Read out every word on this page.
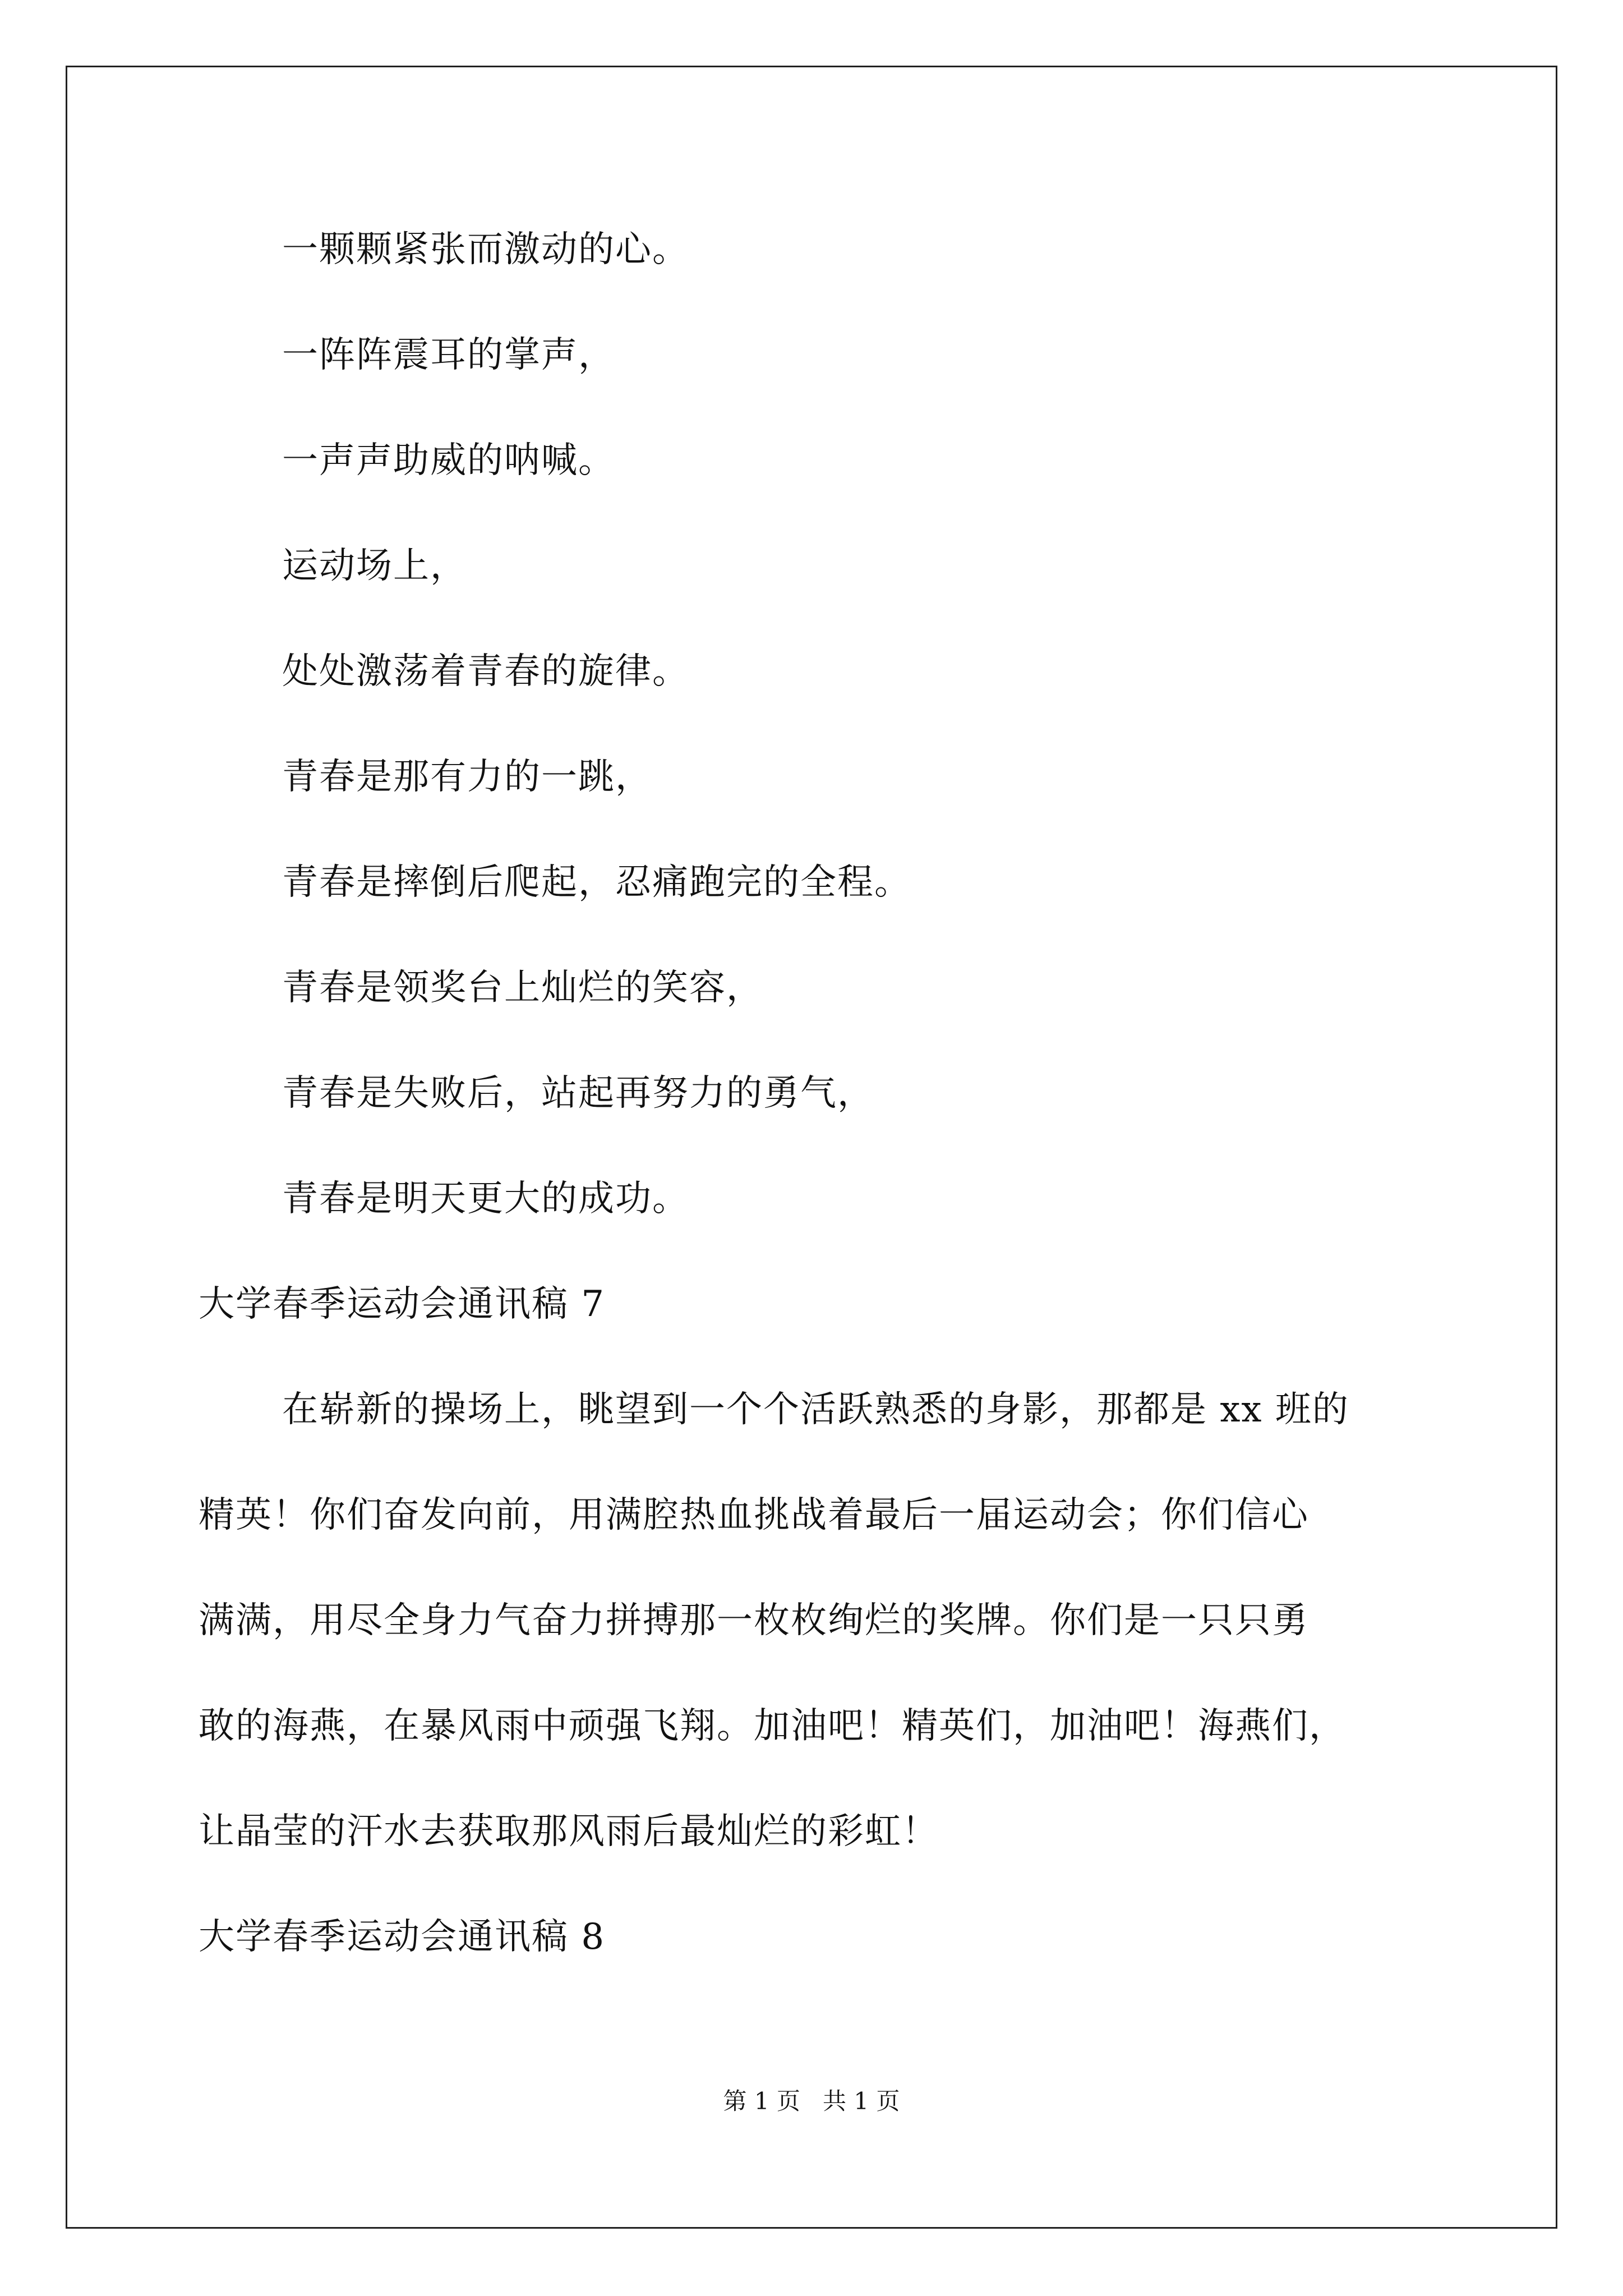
一颗颗紧张而激动的心。
一阵阵震耳的掌声，
一声声助威的呐喊。
运动场上，
处处激荡着青春的旋律。
青春是那有力的一跳，
青春是摔倒后爬起，忍痛跑完的全程。
青春是领奖台上灿烂的笑容，
青春是失败后，站起再努力的勇气，
青春是明天更大的成功。
大学春季运动会通讯稿 7
在崭新的操场上，眺望到一个个活跃熟悉的身影，那都是 xx 班的
精英！你们奋发向前，用满腔热血挑战着最后一届运动会；你们信心
满满，用尽全身力气奋力拼搏那一枚枚绚烂的奖牌。你们是一只只勇
敢的海燕，在暴风雨中顽强飞翔。加油吧！精英们，加油吧！海燕们，
让晶莹的汗水去获取那风雨后最灿烂的彩虹！
大学春季运动会通讯稿 8
第 1 页   共 1 页
